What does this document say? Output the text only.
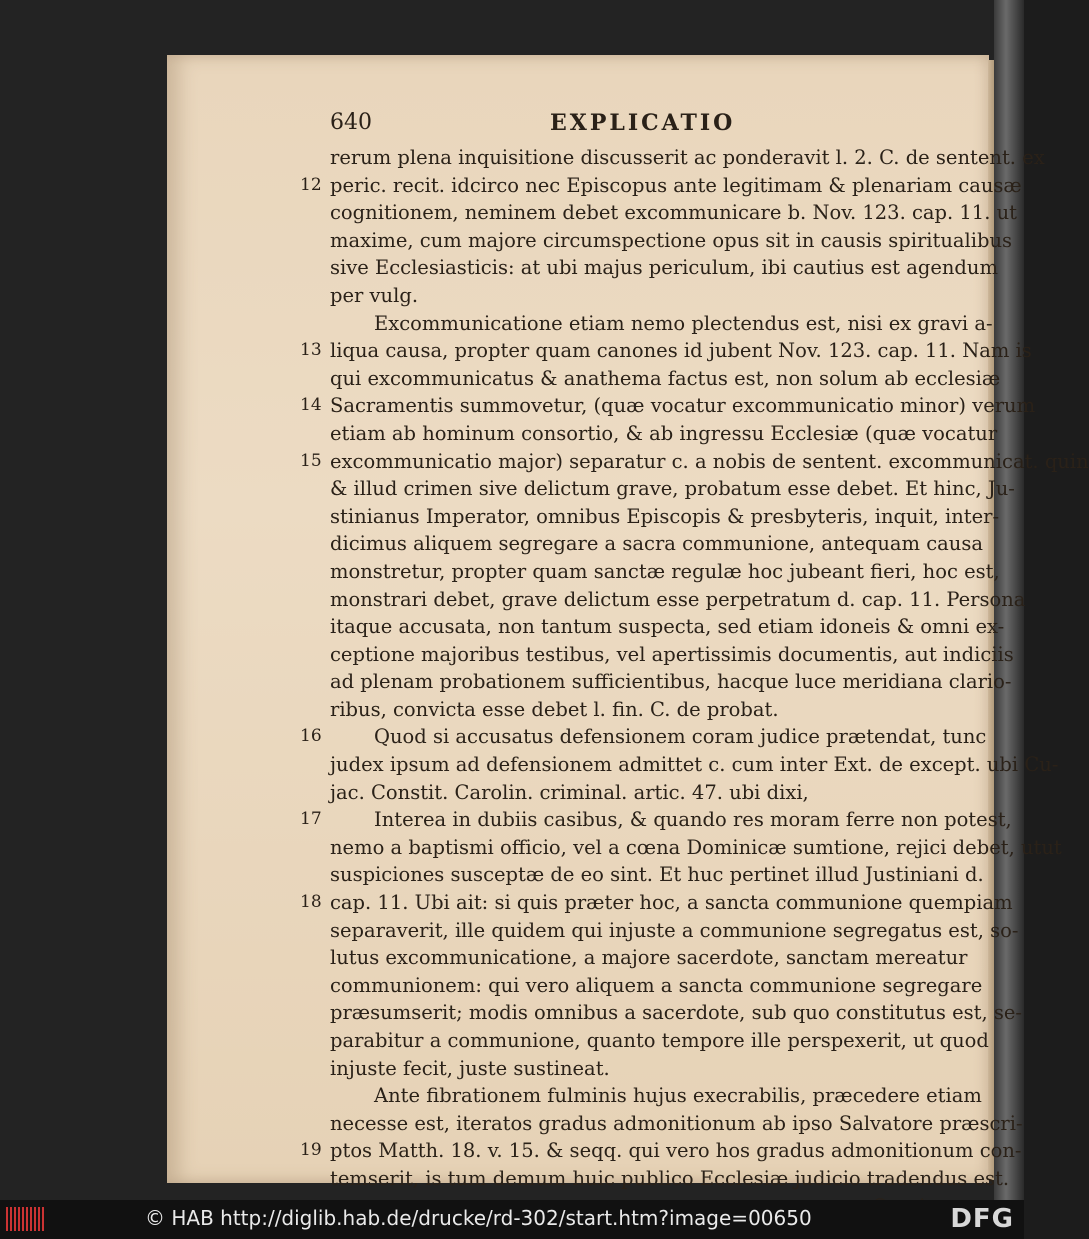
640	EXPLICATIO
rerum plena inquisitione discusserit ac ponderavit l. 2. C. de sentent. ex
12 peric. recit. idcirco nec Episcopus ante legitimam & plenariam causæ
cognitionem, neminem debet excommunicare b. Nov. 123. cap. 11. ut
maxime, cum majore circumspectione opus sit in causis spiritualibus
sive Ecclesiasticis: at ubi majus periculum, ibi cautius est agendum
per vulg.
Excommunicatione etiam nemo plectendus est, nisi ex gravi a-
13 liqua causa, propter quam canones id jubent Nov. 123. cap. 11. Nam is
qui excommunicatus & anathema factus est, non solum ab ecclesiæ
14 Sacramentis summovetur, (quæ vocatur excommunicatio minor) verum
etiam ab hominum consortio, & ab ingressu Ecclesiæ (quæ vocatur
15 excommunicatio major) separatur c. a nobis de sentent. excommunicat. quin
& illud crimen sive delictum grave, probatum esse debet. Et hinc, Ju-
stinianus Imperator, omnibus Episcopis & presbyteris, inquit, inter-
dicimus aliquem segregare a sacra communione, antequam causa
monstretur, propter quam sanctæ regulæ hoc jubeant fieri, hoc est,
monstrari debet, grave delictum esse perpetratum d. cap. 11. Persona
itaque accusata, non tantum suspecta, sed etiam idoneis & omni ex-
ceptione majoribus testibus, vel apertissimis documentis, aut indiciis
ad plenam probationem sufficientibus, hacque luce meridiana clario-
ribus, convicta esse debet l. fin. C. de probat.
16	Quod si accusatus defensionem coram judice prætendat, tunc
judex ipsum ad defensionem admittet c. cum inter Ext. de except. ubi Cu-
jac. Constit. Carolin. criminal. artic. 47. ubi dixi,
17	Interea in dubiis casibus, & quando res moram ferre non potest,
nemo a baptismi officio, vel a cœna Dominicæ sumtione, rejici debet, utut
suspiciones susceptæ de eo sint. Et huc pertinet illud Justiniani d.
18 cap. 11. Ubi ait: si quis præter hoc, a sancta communione quempiam
separaverit, ille quidem qui injuste a communione segregatus est, so-
lutus excommunicatione, a majore sacerdote, sanctam mereatur
communionem: qui vero aliquem a sancta communione segregare
præsumserit; modis omnibus a sacerdote, sub quo constitutus est, se-
parabitur a communione, quanto tempore ille perspexerit, ut quod
injuste fecit, juste sustineat.
Ante fibrationem fulminis hujus execrabilis, præcedere etiam
necesse est, iteratos gradus admonitionum ab ipso Salvatore præscri-
19 ptos Matth. 18. v. 15. & seqq. qui vero hos gradus admonitionum con-
temserit, is tum demum huic publico Ecclesiæ judicio tradendus est.
© HAB http://diglib.hab.de/drucke/rd-302/start.htm?image=00650	DFG
